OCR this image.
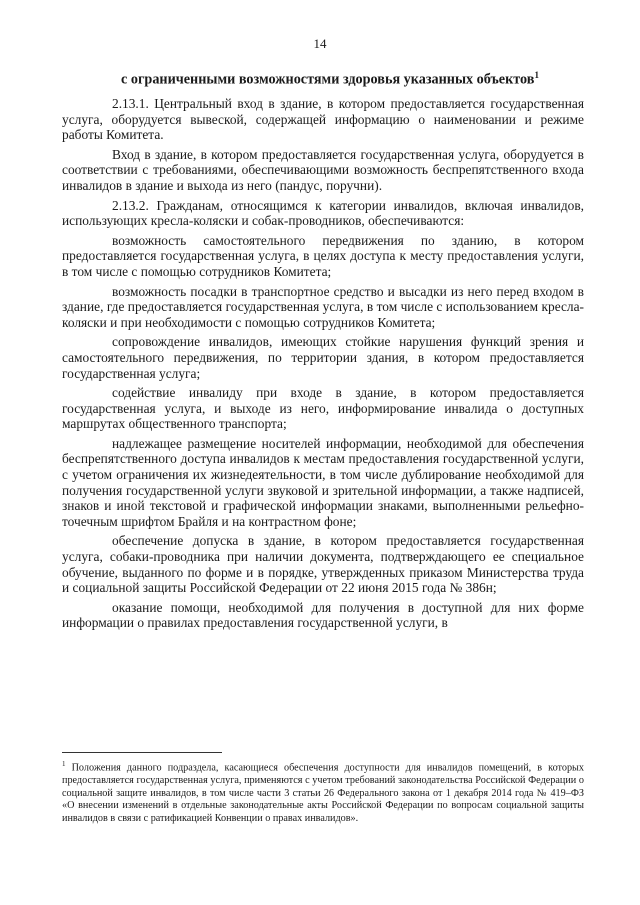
14
с ограниченными возможностями здоровья указанных объектов$^1$

2.13.1. Центральный вход в здание, в котором предоставляется государственная услуга, оборудуется вывеской, содержащей информацию о наименовании и режиме работы Комитета.

Вход в здание, в котором предоставляется государственная услуга, оборудуется в соответствии с требованиями, обеспечивающими возможность беспрепятственного входа инвалидов в здание и выхода из него (пандус, поручни).

2.13.2. Гражданам, относящимся к категории инвалидов, включая инвалидов, использующих кресла-коляски и собак-проводников, обеспечиваются:

возможность самостоятельного передвижения по зданию, в котором предоставляется государственная услуга, в целях доступа к месту предоставления услуги, в том числе с помощью сотрудников Комитета;

возможность посадки в транспортное средство и высадки из него перед входом в здание, где предоставляется государственная услуга, в том числе с использованием кресла-коляски и при необходимости с помощью сотрудников Комитета;

сопровождение инвалидов, имеющих стойкие нарушения функций зрения и самостоятельного передвижения, по территории здания, в котором предоставляется государственная услуга;

содействие инвалиду при входе в здание, в котором предоставляется государственная услуга, и выходе из него, информирование инвалида о доступных маршрутах общественного транспорта;

надлежащее размещение носителей информации, необходимой для обеспечения беспрепятственного доступа инвалидов к местам предоставления государственной услуги, с учетом ограничения их жизнедеятельности, в том числе дублирование необходимой для получения государственной услуги звуковой и зрительной информации, а также надписей, знаков и иной текстовой и графической информации знаками, выполненными рельефно-точечным шрифтом Брайля и на контрастном фоне;

обеспечение допуска в здание, в котором предоставляется государственная услуга, собаки-проводника при наличии документа, подтверждающего ее специальное обучение, выданного по форме и в порядке, утвержденных приказом Министерства труда и социальной защиты Российской Федерации от 22 июня 2015 года № 386н;

оказание помощи, необходимой для получения в доступной для них форме информации о правилах предоставления государственной услуги, в

$^1$ Положения данного подраздела, касающиеся обеспечения доступности для инвалидов помещений, в которых предоставляется государственная услуга, применяются с учетом требований законодательства Российской Федерации о социальной защите инвалидов, в том числе части 3 статьи 26 Федерального закона от 1 декабря 2014 года № 419–ФЗ «О внесении изменений в отдельные законодательные акты Российской Федерации по вопросам социальной защиты инвалидов в связи с ратификацией Конвенции о правах инвалидов».
